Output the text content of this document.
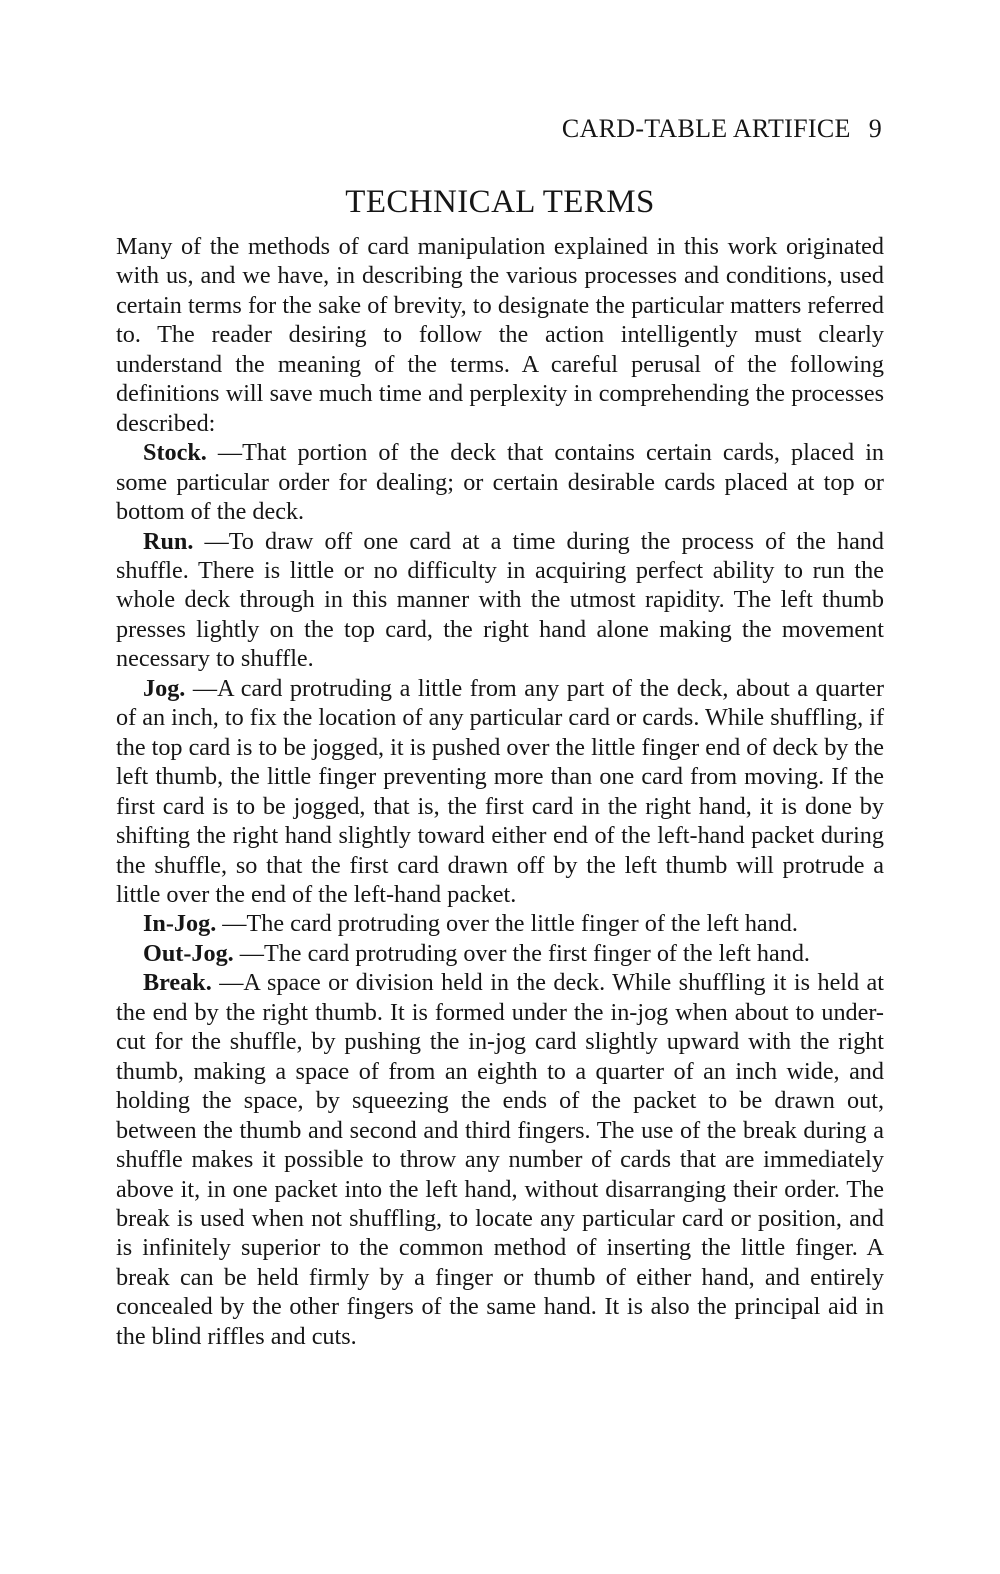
CARD-TABLE ARTIFICE 9
TECHNICAL TERMS

Many of the methods of card manipulation explained in this work originated with us, and we have, in describing the various processes and conditions, used certain terms for the sake of brevity, to designate the particular matters referred to. The reader desiring to follow the action intelligently must clearly understand the meaning of the terms. A careful perusal of the following definitions will save much time and perplexity in comprehending the processes described:

Stock. —That portion of the deck that contains certain cards, placed in some particular order for dealing; or certain desirable cards placed at top or bottom of the deck.

Run. —To draw off one card at a time during the process of the hand shuffle. There is little or no difficulty in acquiring perfect ability to run the whole deck through in this manner with the utmost rapidity. The left thumb presses lightly on the top card, the right hand alone making the movement necessary to shuffle.

Jog. —A card protruding a little from any part of the deck, about a quarter of an inch, to fix the location of any particular card or cards. While shuffling, if the top card is to be jogged, it is pushed over the little finger end of deck by the left thumb, the little finger preventing more than one card from moving. If the first card is to be jogged, that is, the first card in the right hand, it is done by shifting the right hand slightly toward either end of the left-hand packet during the shuffle, so that the first card drawn off by the left thumb will protrude a little over the end of the left-hand packet.

In-Jog. —The card protruding over the little finger of the left hand.

Out-Jog. —The card protruding over the first finger of the left hand.

Break. —A space or division held in the deck. While shuffling it is held at the end by the right thumb. It is formed under the in-jog when about to under-cut for the shuffle, by pushing the in-jog card slightly upward with the right thumb, making a space of from an eighth to a quarter of an inch wide, and holding the space, by squeezing the ends of the packet to be drawn out, between the thumb and second and third fingers. The use of the break during a shuffle makes it possible to throw any number of cards that are immediately above it, in one packet into the left hand, without disarranging their order. The break is used when not shuffling, to locate any particular card or position, and is infinitely superior to the common method of inserting the little finger. A break can be held firmly by a finger or thumb of either hand, and entirely concealed by the other fingers of the same hand. It is also the principal aid in the blind riffles and cuts.
